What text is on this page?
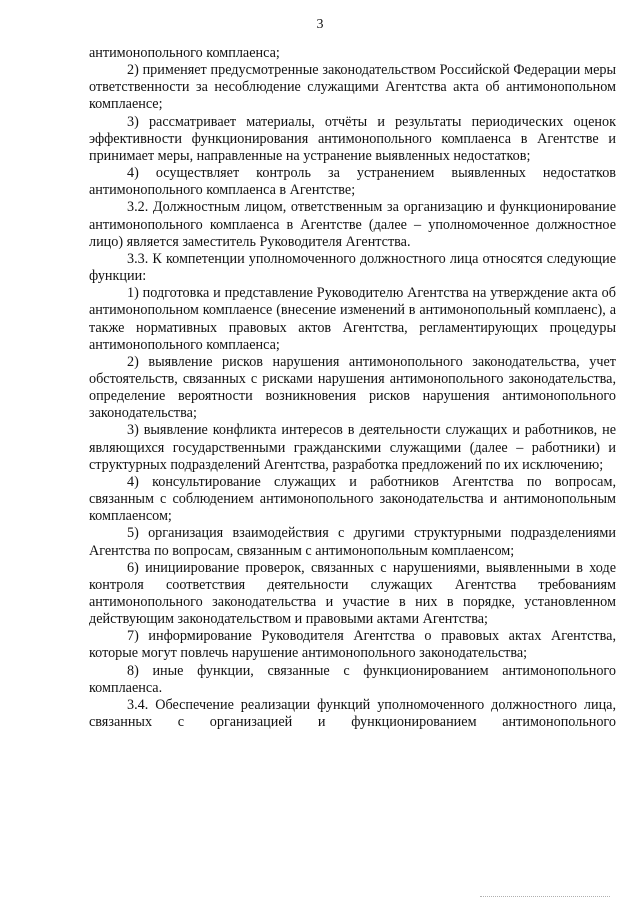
3

антимонопольного комплаенса;

2) применяет предусмотренные законодательством Российской Федерации меры ответственности за несоблюдение служащими Агентства акта об антимонопольном комплаенсе;

3) рассматривает материалы, отчёты и результаты периодических оценок эффективности функционирования антимонопольного комплаенса в Агентстве и принимает меры, направленные на устранение выявленных недостатков;

4) осуществляет контроль за устранением выявленных недостатков антимонопольного комплаенса в Агентстве;

3.2. Должностным лицом, ответственным за организацию и функционирование антимонопольного комплаенса в Агентстве (далее – уполномоченное должностное лицо) является заместитель Руководителя Агентства.

3.3. К компетенции уполномоченного должностного лица относятся следующие функции:

1) подготовка и представление Руководителю Агентства на утверждение акта об антимонопольном комплаенсе (внесение изменений в антимонопольный комплаенс), а также нормативных правовых актов Агентства, регламентирующих процедуры антимонопольного комплаенса;

2) выявление рисков нарушения антимонопольного законодательства, учет обстоятельств, связанных с рисками нарушения антимонопольного законодательства, определение вероятности возникновения рисков нарушения антимонопольного законодательства;

3) выявление конфликта интересов в деятельности служащих и работников, не являющихся государственными гражданскими служащими (далее – работники) и структурных подразделений Агентства, разработка предложений по их исключению;

4) консультирование служащих и работников Агентства по вопросам, связанным с соблюдением антимонопольного законодательства и антимонопольным комплаенсом;

5) организация взаимодействия с другими структурными подразделениями Агентства по вопросам, связанным с антимонопольным комплаенсом;

6) инициирование проверок, связанных с нарушениями, выявленными в ходе контроля соответствия деятельности служащих Агентства требованиям антимонопольного законодательства и участие в них в порядке, установленном действующим законодательством и правовыми актами Агентства;

7) информирование Руководителя Агентства о правовых актах Агентства, которые могут повлечь нарушение антимонопольного законодательства;

8) иные функции, связанные с функционированием антимонопольного комплаенса.

3.4. Обеспечение реализации функций уполномоченного должностного лица, связанных с организацией и функционированием антимонопольного
